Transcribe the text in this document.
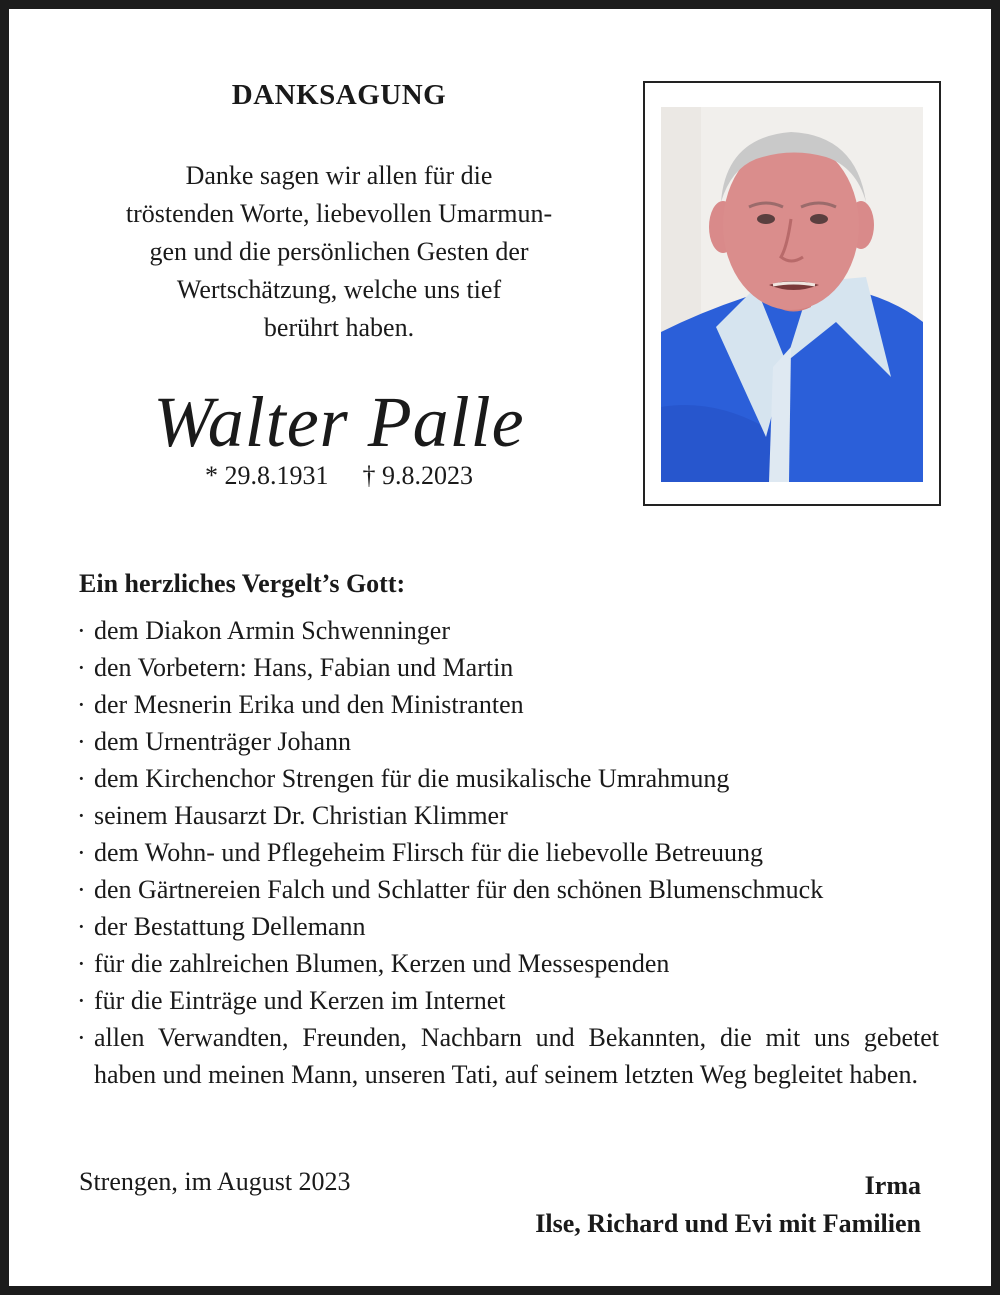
DANKSAGUNG
Danke sagen wir allen für die
tröstenden Worte, liebevollen Umarmun-
gen und die persönlichen Gesten der
Wertschätzung, welche uns tief
berührt haben.
Walter Palle
* 29.8.1931 † 9.8.2023
Ein herzliches Vergelt’s Gott:
· dem Diakon Armin Schwenninger
· den Vorbetern: Hans, Fabian und Martin
· der Mesnerin Erika und den Ministranten
· dem Urnenträger Johann
· dem Kirchenchor Strengen für die musikalische Umrahmung
· seinem Hausarzt Dr. Christian Klimmer
· dem Wohn- und Pflegeheim Flirsch für die liebevolle Betreuung
· den Gärtnereien Falch und Schlatter für den schönen Blumenschmuck
· der Bestattung Dellemann
· für die zahlreichen Blumen, Kerzen und Messespenden
· für die Einträge und Kerzen im Internet
· allen Verwandten, Freunden, Nachbarn und Bekannten, die mit uns gebetet haben und meinen Mann, unseren Tati, auf seinem letzten Weg begleitet haben.
Strengen, im August 2023	Irma
Ilse, Richard und Evi mit Familien
